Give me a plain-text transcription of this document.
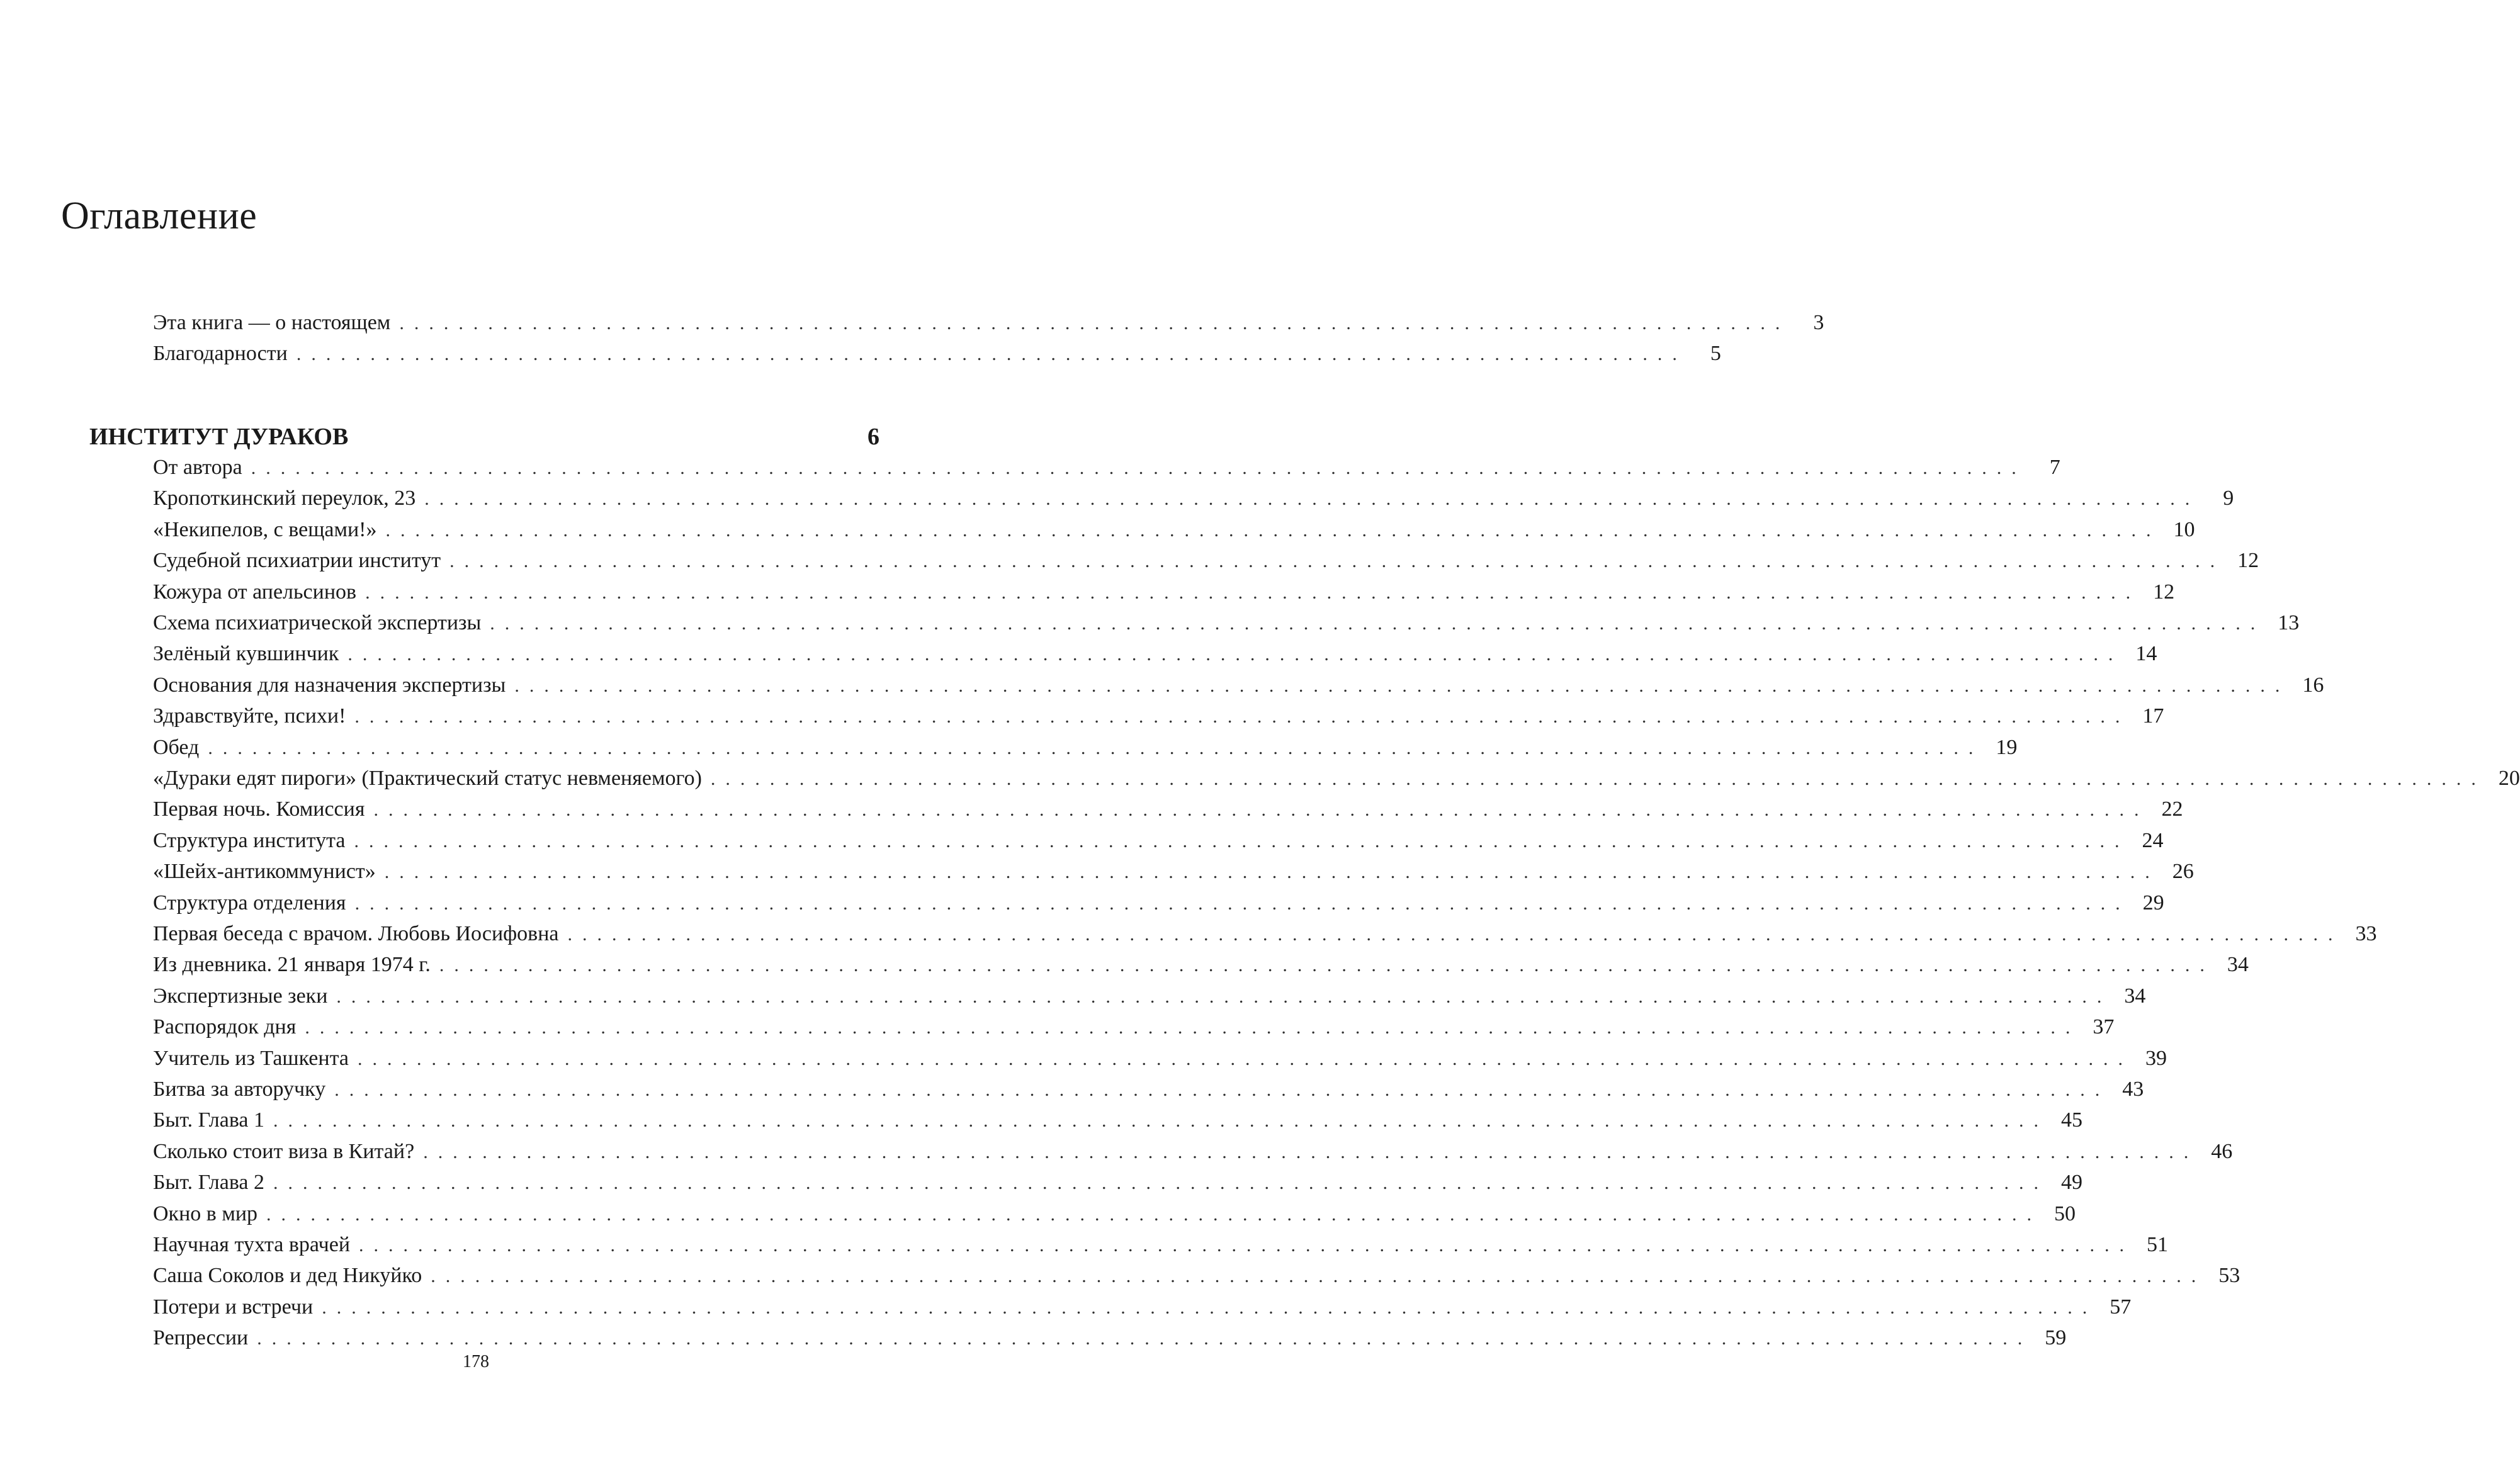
Оглавление
Эта книга — о настоящем ..............................................................................................	3
Благодарности ..............................................................................................	5
ИНСТИТУТ ДУРАКОВ	6
От автора ........................................................................................................................	7
Кропоткинский переулок, 23 ........................................................................................................................	9
«Некипелов, с вещами!» ........................................................................................................................ 10
Судебной психиатрии институт ........................................................................................................................ 12
Кожура от апельсинов ........................................................................................................................ 12
Схема психиатрической экспертизы ........................................................................................................................ 13
Зелёный кувшинчик ........................................................................................................................ 14
Основания для назначения экспертизы ........................................................................................................................ 16
Здравствуйте, психи! ........................................................................................................................ 17
Обед ........................................................................................................................ 19
«Дураки едят пироги» (Практический статус невменяемого) ........................................................................................................................ 20
Первая ночь. Комиссия ........................................................................................................................ 22
Структура института ........................................................................................................................ 24
«Шейх-антикоммунист» ........................................................................................................................ 26
Структура отделения ........................................................................................................................ 29
Первая беседа с врачом. Любовь Иосифовна ........................................................................................................................ 33
Из дневника. 21 января 1974 г. ........................................................................................................................ 34
Экспертизные зеки ........................................................................................................................ 34
Распорядок дня ........................................................................................................................ 37
Учитель из Ташкента ........................................................................................................................ 39
Битва за авторучку ........................................................................................................................ 43
Быт. Глава 1 ........................................................................................................................ 45
Сколько стоит виза в Китай? ........................................................................................................................ 46
Быт. Глава 2 ........................................................................................................................ 49
Окно в мир ........................................................................................................................ 50
Научная тухта врачей ........................................................................................................................ 51
Саша Соколов и дед Никуйко ........................................................................................................................ 53
Потери и встречи ........................................................................................................................ 57
Репрессии ........................................................................................................................ 59
178
